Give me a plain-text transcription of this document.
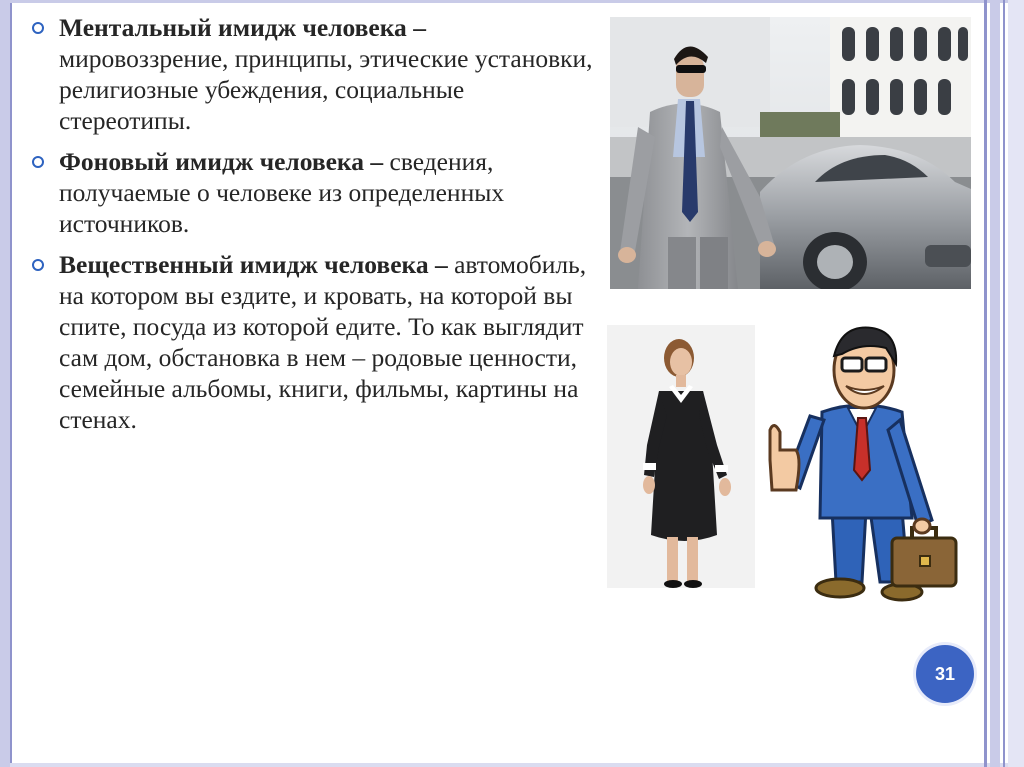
Ментальный имидж человека – мировоззрение, принципы, этические установки, религиозные убеждения, социальные стереотипы.
Фоновый имидж человека – сведения, получаемые о человеке из определенных источников.
Вещественный имидж человека – автомобиль, на котором вы ездите, и кровать, на которой вы спите, посуда из которой едите. То как выглядит сам дом, обстановка в нем – родовые ценности, семейные альбомы, книги, фильмы, картины на стенах.
31
